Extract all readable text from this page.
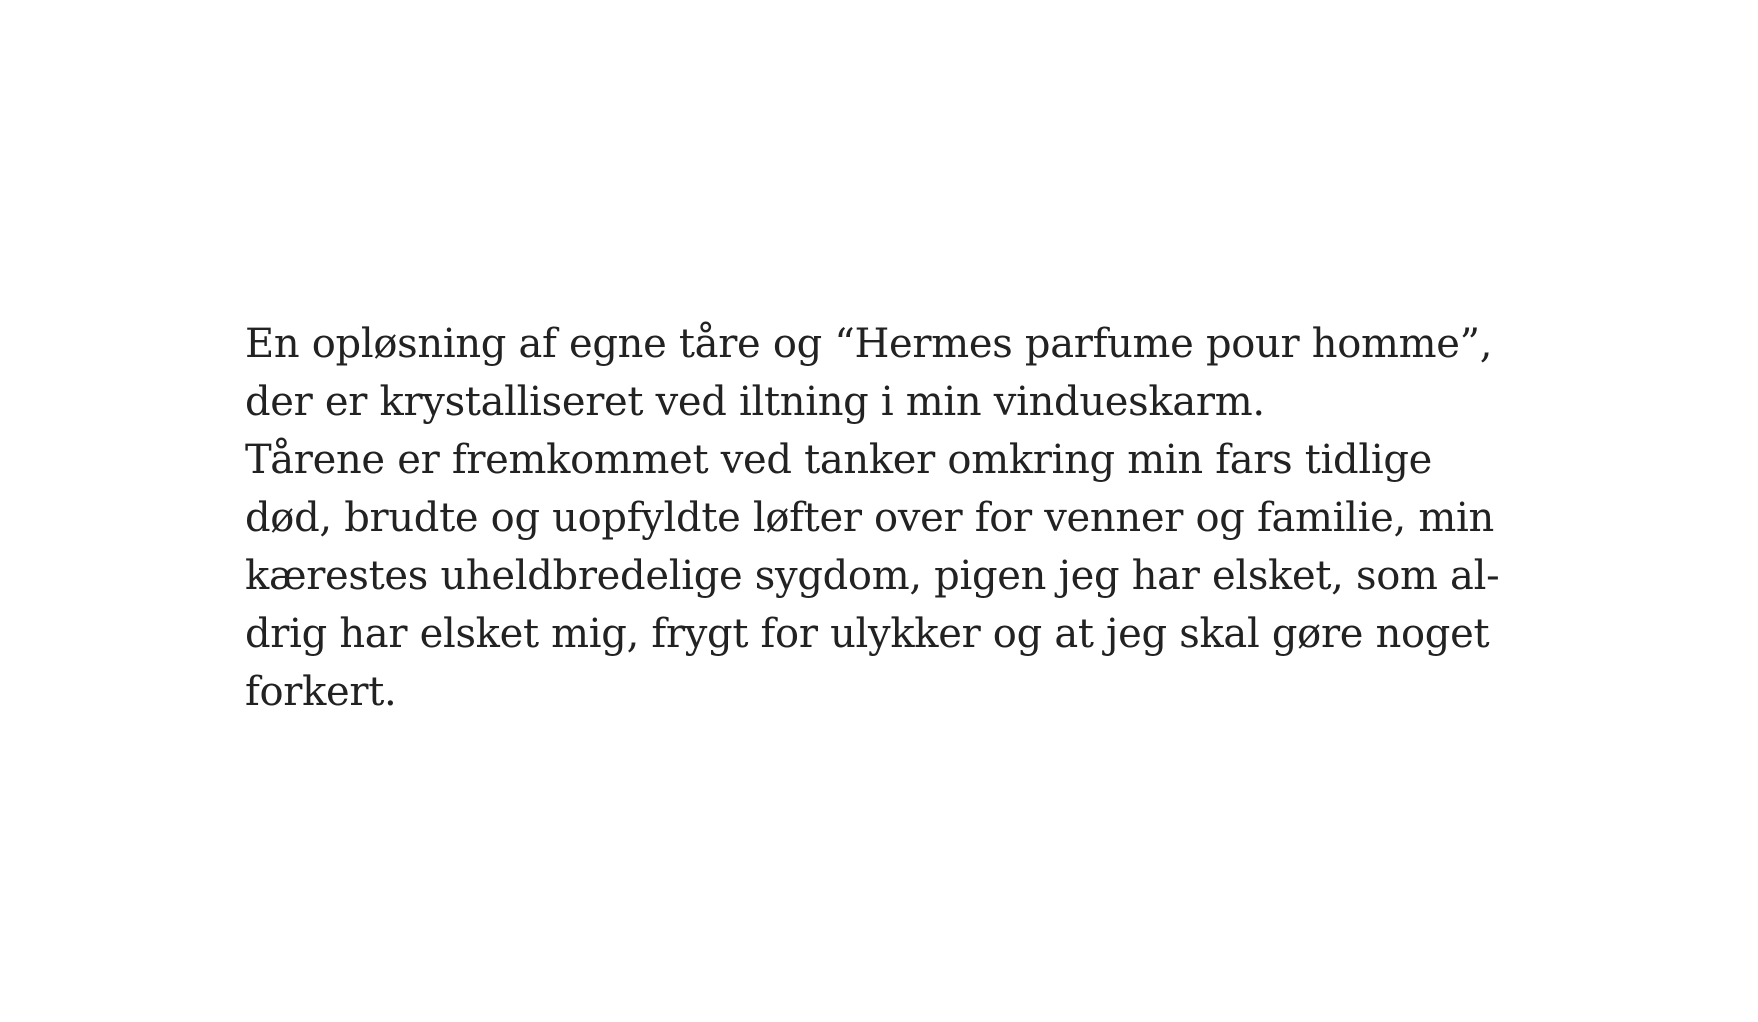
En opløsning af egne tåre og “Hermes parfume pour homme”,
der er krystalliseret ved iltning i min vindueskarm.
Tårene er fremkommet ved tanker omkring min fars tidlige
død, brudte og uopfyldte løfter over for venner og familie, min
kærestes uheldbredelige sygdom, pigen jeg har elsket, som al-
drig har elsket mig, frygt for ulykker og at jeg skal gøre noget
forkert.
